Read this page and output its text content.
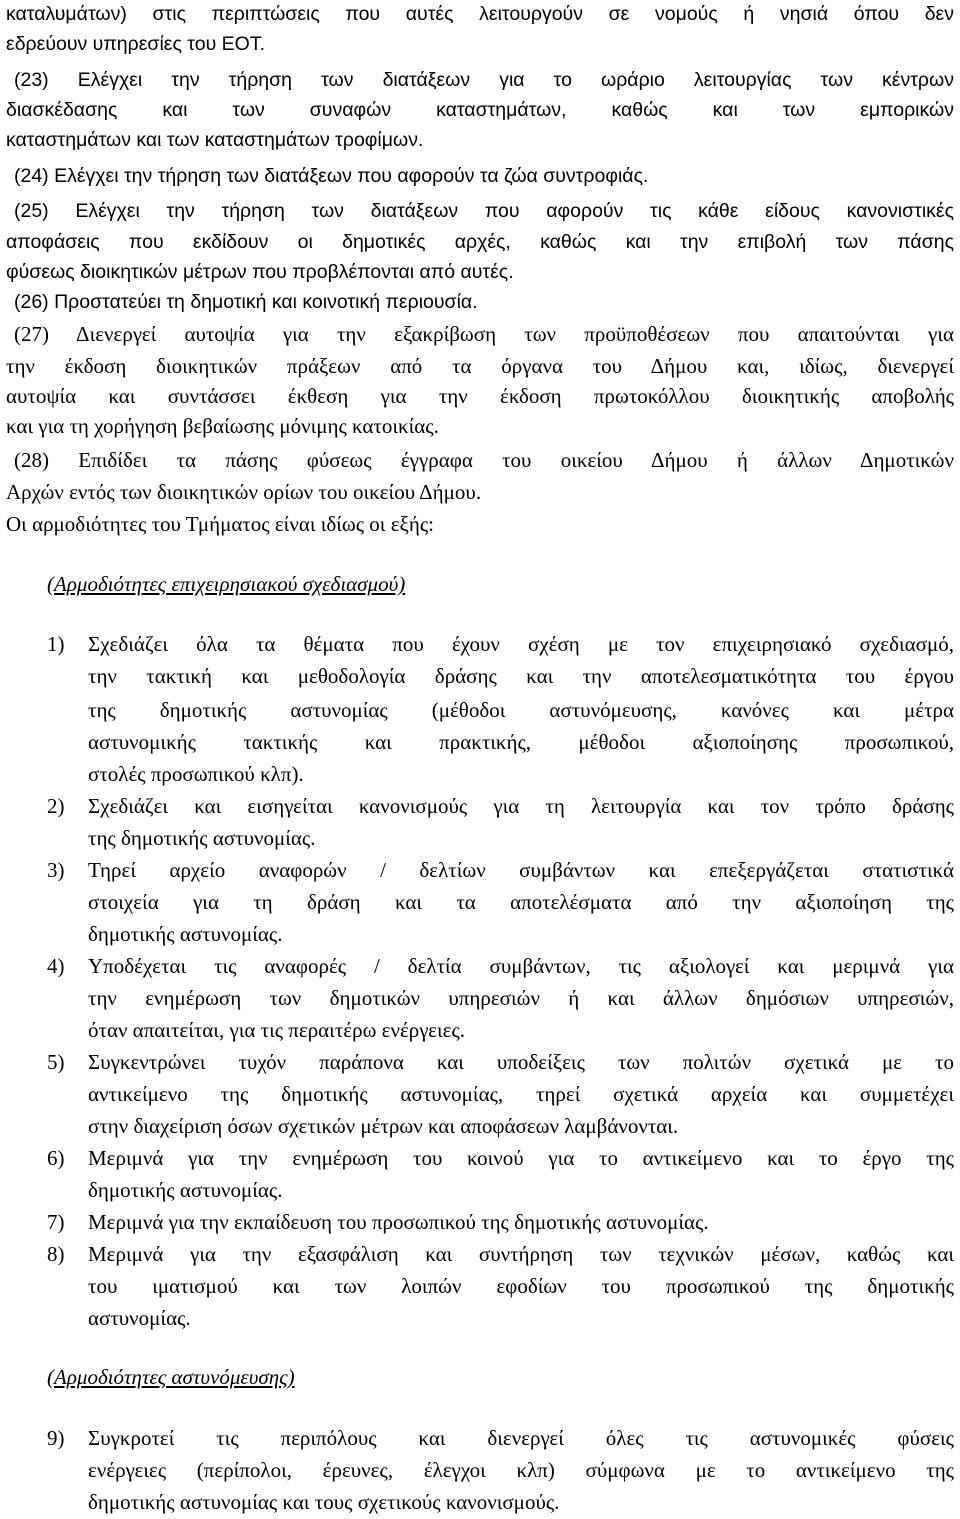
καταλυμάτων) στις περιπτώσεις που αυτές λειτουργούν σε νομούς ή νησιά όπου δεν
εδρεύουν υπηρεσίες του ΕΟΤ.
(23) Ελέγχει την τήρηση των διατάξεων για το ωράριο λειτουργίας των κέντρων
διασκέδασης και των συναφών καταστημάτων, καθώς και των εμπορικών
καταστημάτων και των καταστημάτων τροφίμων.
(24) Ελέγχει την τήρηση των διατάξεων που αφορούν τα ζώα συντροφιάς.
(25) Ελέγχει την τήρηση των διατάξεων που αφορούν τις κάθε είδους κανονιστικές
αποφάσεις που εκδίδουν οι δημοτικές αρχές, καθώς και την επιβολή των πάσης
φύσεως διοικητικών μέτρων που προβλέπονται από αυτές.
(26) Προστατεύει τη δημοτική και κοινοτική περιουσία.
(27) Διενεργεί αυτοψία για την εξακρίβωση των προϋποθέσεων που απαιτούνται για
την έκδοση διοικητικών πράξεων από τα όργανα του Δήμου και, ιδίως, διενεργεί
αυτοψία και συντάσσει έκθεση για την έκδοση πρωτοκόλλου διοικητικής αποβολής
και για τη χορήγηση βεβαίωσης μόνιμης κατοικίας.
(28) Επιδίδει τα πάσης φύσεως έγγραφα του οικείου Δήμου ή άλλων Δημοτικών
Αρχών εντός των διοικητικών ορίων του οικείου Δήμου.
Οι αρμοδιότητες του Τμήματος είναι ιδίως οι εξής:
(Αρμοδιότητες επιχειρησιακού σχεδιασμού)
1) Σχεδιάζει όλα τα θέματα που έχουν σχέση με τον επιχειρησιακό σχεδιασμό,
την τακτική και μεθοδολογία δράσης και την αποτελεσματικότητα του έργου
της δημοτικής αστυνομίας (μέθοδοι αστυνόμευσης, κανόνες και μέτρα
αστυνομικής τακτικής και πρακτικής, μέθοδοι αξιοποίησης προσωπικού,
στολές προσωπικού κλπ).
2) Σχεδιάζει και εισηγείται κανονισμούς για τη λειτουργία και τον τρόπο δράσης
της δημοτικής αστυνομίας.
3) Τηρεί αρχείο αναφορών / δελτίων συμβάντων και επεξεργάζεται στατιστικά
στοιχεία για τη δράση και τα αποτελέσματα από την αξιοποίηση της
δημοτικής αστυνομίας.
4) Υποδέχεται τις αναφορές / δελτία συμβάντων, τις αξιολογεί και μεριμνά για
την ενημέρωση των δημοτικών υπηρεσιών ή και άλλων δημόσιων υπηρεσιών,
όταν απαιτείται, για τις περαιτέρω ενέργειες.
5) Συγκεντρώνει τυχόν παράπονα και υποδείξεις των πολιτών σχετικά με το
αντικείμενο της δημοτικής αστυνομίας, τηρεί σχετικά αρχεία και συμμετέχει
στην διαχείριση όσων σχετικών μέτρων και αποφάσεων λαμβάνονται.
6) Μεριμνά για την ενημέρωση του κοινού για το αντικείμενο και το έργο της
δημοτικής αστυνομίας.
7) Μεριμνά για την εκπαίδευση του προσωπικού της δημοτικής αστυνομίας.
8) Μεριμνά για την εξασφάλιση και συντήρηση των τεχνικών μέσων, καθώς και
του ιματισμού και των λοιπών εφοδίων του προσωπικού της δημοτικής
αστυνομίας.
(Αρμοδιότητες αστυνόμευσης)
9) Συγκροτεί τις περιπόλους και διενεργεί όλες τις αστυνομικές φύσεις
ενέργειες (περίπολοι, έρευνες, έλεγχοι κλπ) σύμφωνα με το αντικείμενο της
δημοτικής αστυνομίας και τους σχετικούς κανονισμούς.
